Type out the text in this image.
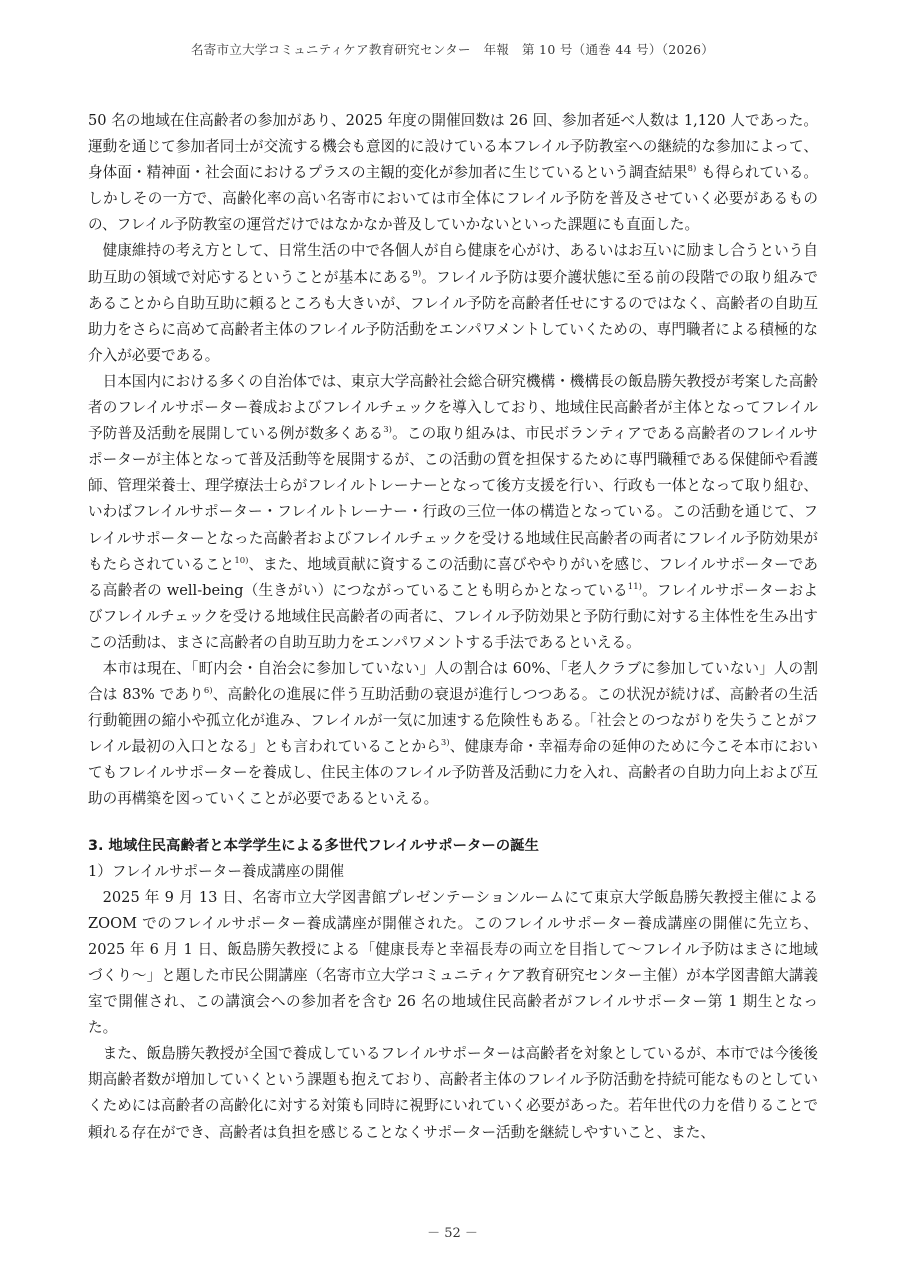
名寄市立大学コミュニティケア教育研究センター　年報　第 10 号（通巻 44 号）（2026）

50 名の地域在住高齢者の参加があり、2025 年度の開催回数は 26 回、参加者延べ人数は 1,120 人であった。運動を通じて参加者同士が交流する機会も意図的に設けている本フレイル予防教室への継続的な参加によって、身体面・精神面・社会面におけるプラスの主観的変化が参加者に生じているという調査結果$^{8)}$ も得られている。しかしその一方で、高齢化率の高い名寄市においては市全体にフレイル予防を普及させていく必要があるものの、フレイル予防教室の運営だけではなかなか普及していかないといった課題にも直面した。

健康維持の考え方として、日常生活の中で各個人が自ら健康を心がけ、あるいはお互いに励まし合うという自助互助の領域で対応するということが基本にある$^{9)}$。フレイル予防は要介護状態に至る前の段階での取り組みであることから自助互助に頼るところも大きいが、フレイル予防を高齢者任せにするのではなく、高齢者の自助互助力をさらに高めて高齢者主体のフレイル予防活動をエンパワメントしていくための、専門職者による積極的な介入が必要である。

日本国内における多くの自治体では、東京大学高齢社会総合研究機構・機構長の飯島勝矢教授が考案した高齢者のフレイルサポーター養成およびフレイルチェックを導入しており、地域住民高齢者が主体となってフレイル予防普及活動を展開している例が数多くある$^{3)}$。この取り組みは、市民ボランティアである高齢者のフレイルサポーターが主体となって普及活動等を展開するが、この活動の質を担保するために専門職種である保健師や看護師、管理栄養士、理学療法士らがフレイルトレーナーとなって後方支援を行い、行政も一体となって取り組む、いわばフレイルサポーター・フレイルトレーナー・行政の三位一体の構造となっている。この活動を通じて、フレイルサポーターとなった高齢者およびフレイルチェックを受ける地域住民高齢者の両者にフレイル予防効果がもたらされていること$^{10)}$、また、地域貢献に資するこの活動に喜びややりがいを感じ、フレイルサポーターである高齢者の well-being（生きがい）につながっていることも明らかとなっている$^{11)}$。フレイルサポーターおよびフレイルチェックを受ける地域住民高齢者の両者に、フレイル予防効果と予防行動に対する主体性を生み出すこの活動は、まさに高齢者の自助互助力をエンパワメントする手法であるといえる。

本市は現在、「町内会・自治会に参加していない」人の割合は 60%、「老人クラブに参加していない」人の割合は 83% であり$^{6)}$、高齢化の進展に伴う互助活動の衰退が進行しつつある。この状況が続けば、高齢者の生活行動範囲の縮小や孤立化が進み、フレイルが一気に加速する危険性もある。「社会とのつながりを失うことがフレイル最初の入口となる」とも言われていることから$^{3)}$、健康寿命・幸福寿命の延伸のために今こそ本市においてもフレイルサポーターを養成し、住民主体のフレイル予防普及活動に力を入れ、高齢者の自助力向上および互助の再構築を図っていくことが必要であるといえる。

3. 地域住民高齢者と本学学生による多世代フレイルサポーターの誕生

1）フレイルサポーター養成講座の開催

2025 年 9 月 13 日、名寄市立大学図書館プレゼンテーションルームにて東京大学飯島勝矢教授主催による ZOOM でのフレイルサポーター養成講座が開催された。このフレイルサポーター養成講座の開催に先立ち、2025 年 6 月 1 日、飯島勝矢教授による「健康長寿と幸福長寿の両立を目指して～フレイル予防はまさに地域づくり～」と題した市民公開講座（名寄市立大学コミュニティケア教育研究センター主催）が本学図書館大講義室で開催され、この講演会への参加者を含む 26 名の地域住民高齢者がフレイルサポーター第 1 期生となった。

また、飯島勝矢教授が全国で養成しているフレイルサポーターは高齢者を対象としているが、本市では今後後期高齢者数が増加していくという課題も抱えており、高齢者主体のフレイル予防活動を持続可能なものとしていくためには高齢者の高齢化に対する対策も同時に視野にいれていく必要があった。若年世代の力を借りることで頼れる存在ができ、高齢者は負担を感じることなくサポーター活動を継続しやすいこと、また、

－ 52 －
